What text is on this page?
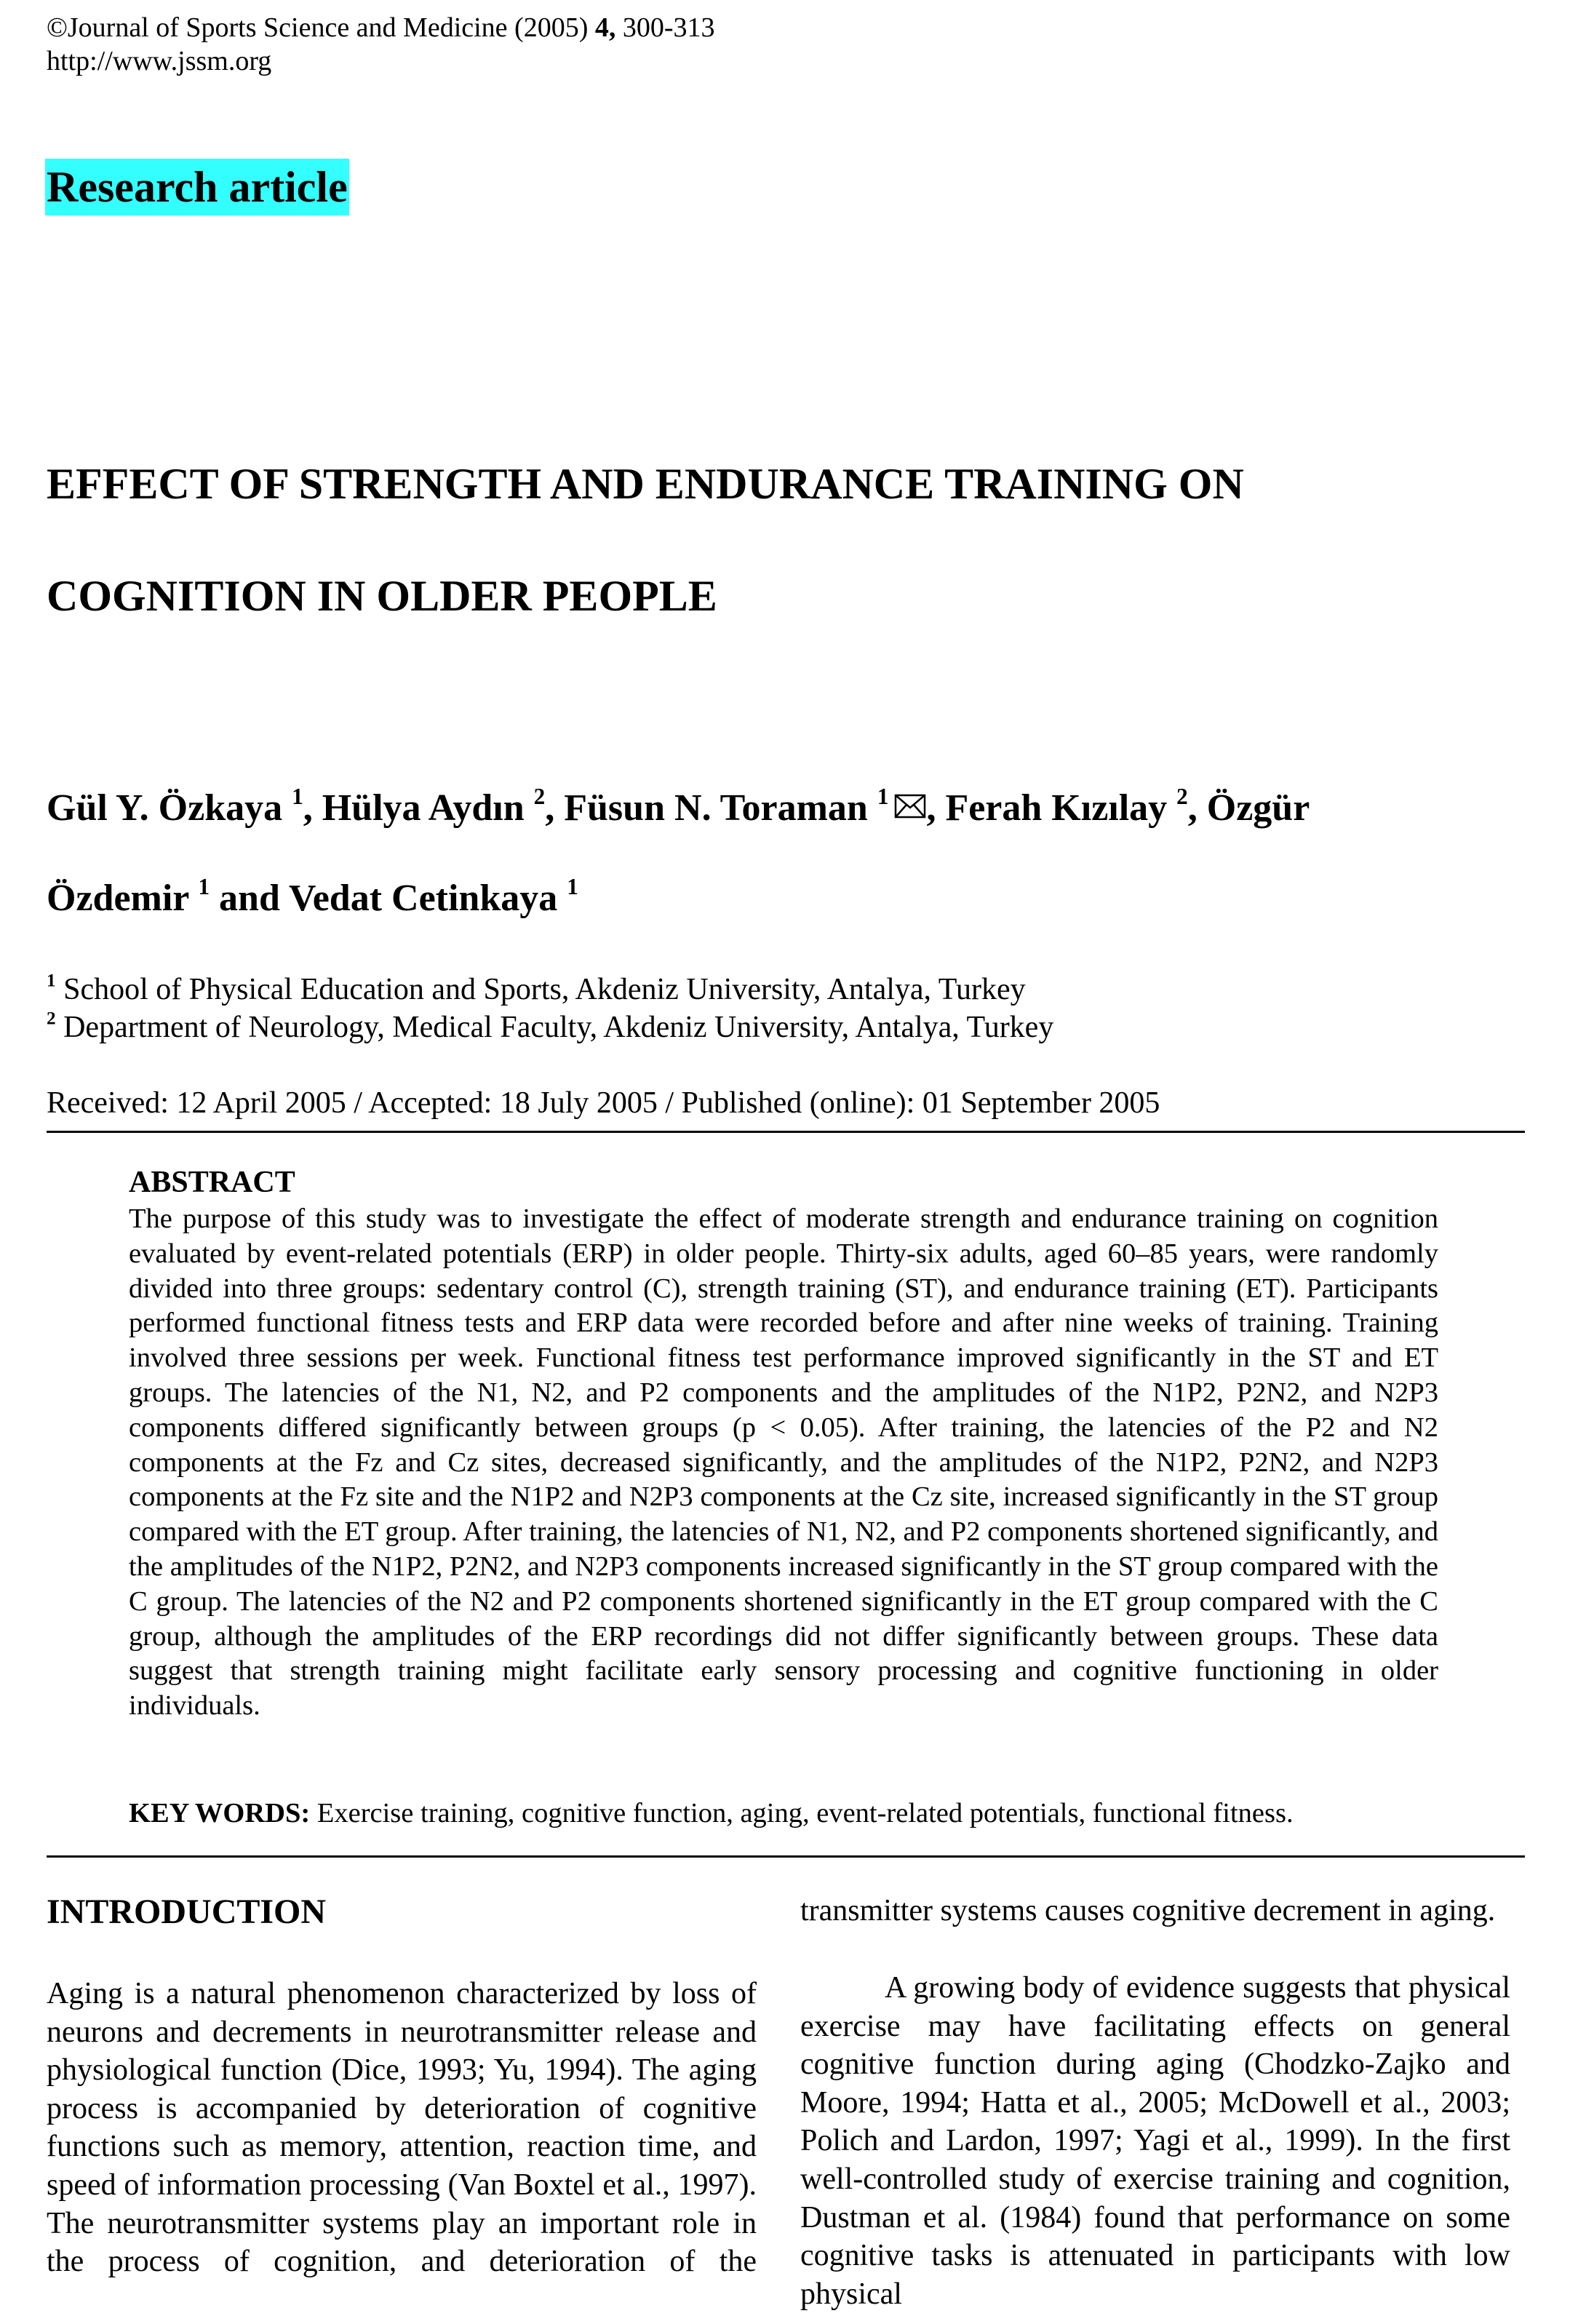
©Journal of Sports Science and Medicine (2005) 4, 300-313
http://www.jssm.org
Research article
EFFECT OF STRENGTH AND ENDURANCE TRAINING ON
COGNITION IN OLDER PEOPLE
Gül Y. Özkaya $^1$, Hülya Aydın $^2$, Füsun N. Toraman $^1$ , Ferah Kızılay $^2$, Özgür
Özdemir $^1$ and Vedat Cetinkaya $^1$
$^1$ School of Physical Education and Sports, Akdeniz University, Antalya, Turkey
$^2$ Department of Neurology, Medical Faculty, Akdeniz University, Antalya, Turkey
Received: 12 April 2005 / Accepted: 18 July 2005 / Published (online): 01 September 2005
ABSTRACT
The purpose of this study was to investigate the effect of moderate strength and endurance training on cognition evaluated by event-related potentials (ERP) in older people. Thirty-six adults, aged 60–85 years, were randomly divided into three groups: sedentary control (C), strength training (ST), and endurance training (ET). Participants performed functional fitness tests and ERP data were recorded before and after nine weeks of training. Training involved three sessions per week. Functional fitness test performance improved significantly in the ST and ET groups. The latencies of the N1, N2, and P2 components and the amplitudes of the N1P2, P2N2, and N2P3 components differed significantly between groups (p < 0.05). After training, the latencies of the P2 and N2 components at the Fz and Cz sites, decreased significantly, and the amplitudes of the N1P2, P2N2, and N2P3 components at the Fz site and the N1P2 and N2P3 components at the Cz site, increased significantly in the ST group compared with the ET group. After training, the latencies of N1, N2, and P2 components shortened significantly, and the amplitudes of the N1P2, P2N2, and N2P3 components increased significantly in the ST group compared with the C group. The latencies of the N2 and P2 components shortened significantly in the ET group compared with the C group, although the amplitudes of the ERP recordings did not differ significantly between groups. These data suggest that strength training might facilitate early sensory processing and cognitive functioning in older individuals.
KEY WORDS: Exercise training, cognitive function, aging, event-related potentials, functional fitness.
INTRODUCTION
Aging is a natural phenomenon characterized by loss of neurons and decrements in neurotransmitter release and physiological function (Dice, 1993; Yu, 1994). The aging process is accompanied by deterioration of cognitive functions such as memory, attention, reaction time, and speed of information processing (Van Boxtel et al., 1997). The neurotransmitter systems play an important role in the process of cognition, and deterioration of the
transmitter systems causes cognitive decrement in aging.
A growing body of evidence suggests that physical exercise may have facilitating effects on general cognitive function during aging (Chodzko-Zajko and Moore, 1994; Hatta et al., 2005; McDowell et al., 2003; Polich and Lardon, 1997; Yagi et al., 1999). In the first well-controlled study of exercise training and cognition, Dustman et al. (1984) found that performance on some cognitive tasks is attenuated in participants with low physical
